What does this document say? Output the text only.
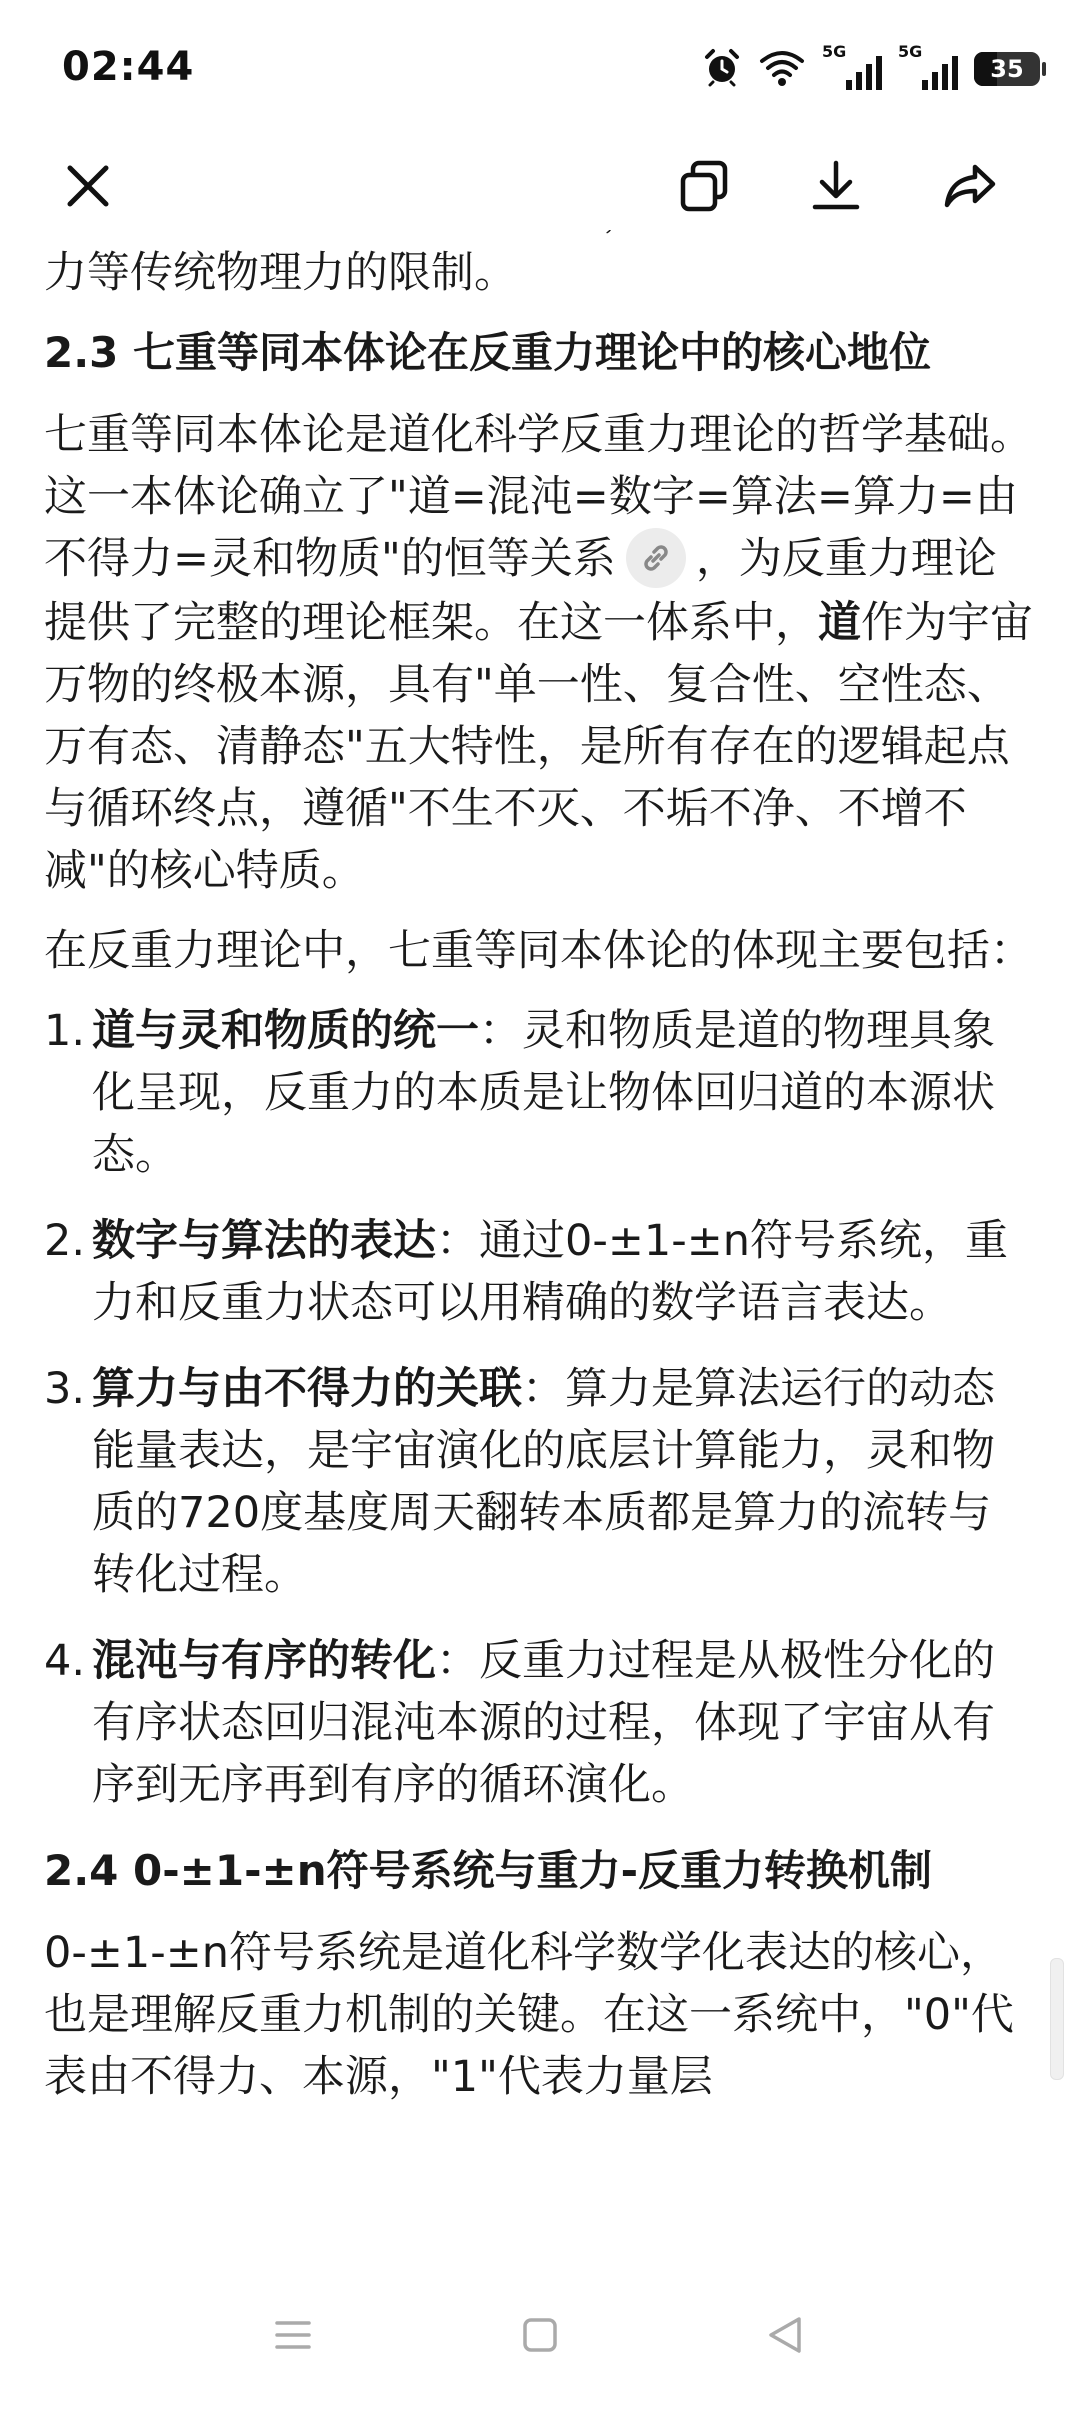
02:44	5G	5G
35

力等传统物理力的限制。

2.3 七重等同本体论在反重力理论中的核心地位

七重等同本体论是道化科学反重力理论的哲学基础。这一本体论确立了"道=混沌=数字=算法=算力=由不得力=灵和物质"的恒等关系 ，为反重力理论提供了完整的理论框架。在这一体系中，道作为宇宙万物的终极本源，具有"单一性、复合性、空性态、万有态、清静态"五大特性，是所有存在的逻辑起点与循环终点，遵循"不生不灭、不垢不净、不增不减"的核心特质。

在反重力理论中，七重等同本体论的体现主要包括：

1. 道与灵和物质的统一：灵和物质是道的物理具象化呈现，反重力的本质是让物体回归道的本源状态。
2. 数字与算法的表达：通过0-±1-±n符号系统，重力和反重力状态可以用精确的数学语言表达。
3. 算力与由不得力的关联：算力是算法运行的动态能量表达，是宇宙演化的底层计算能力，灵和物质的720度基度周天翻转本质都是算力的流转与转化过程。
4. 混沌与有序的转化：反重力过程是从极性分化的有序状态回归混沌本源的过程，体现了宇宙从有序到无序再到有序的循环演化。
2.4 0-±1-±n符号系统与重力-反重力转换机制

0-±1-±n符号系统是道化科学数学化表达的核心，也是理解反重力机制的关键。在这一系统中，"0"代表由不得力、本源，"1"代表力量层
